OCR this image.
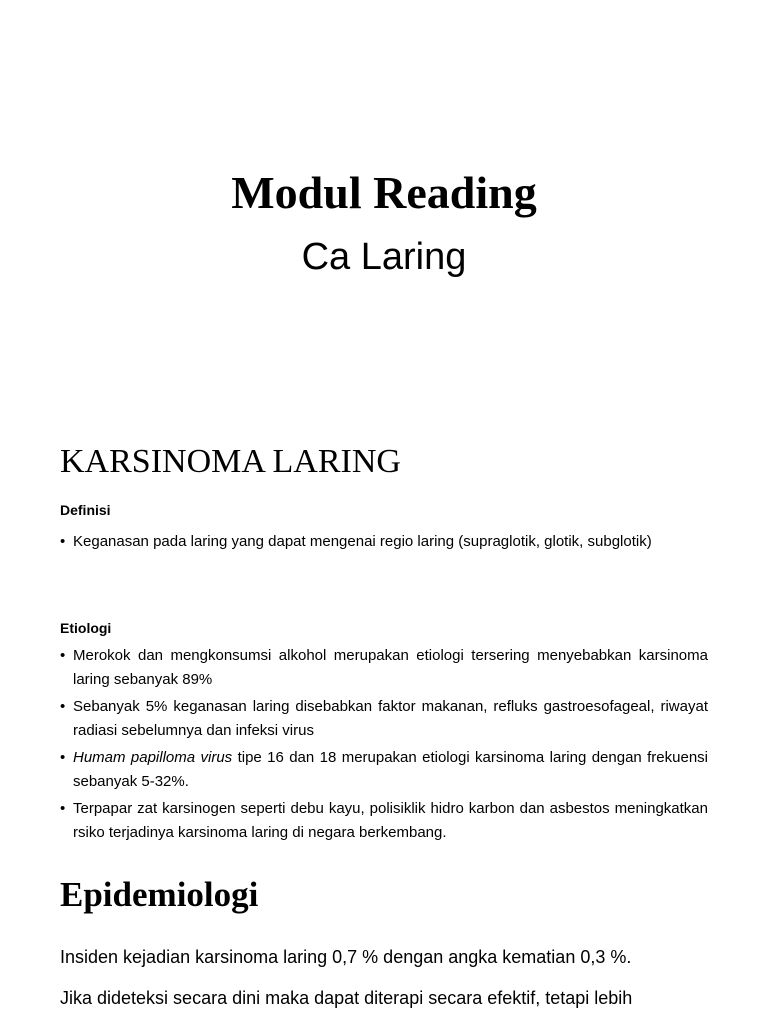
Modul Reading
Ca Laring
KARSINOMA LARING
Definisi
• Keganasan pada laring yang dapat mengenai regio laring (supraglotik, glotik, subglotik)
Etiologi
• Merokok dan mengkonsumsi alkohol merupakan etiologi tersering menyebabkan karsinoma laring sebanyak 89%
• Sebanyak 5% keganasan laring disebabkan faktor makanan, refluks gastroesofageal, riwayat radiasi sebelumnya dan infeksi virus
• Humam papilloma virus tipe 16 dan 18 merupakan etiologi karsinoma laring dengan frekuensi sebanyak 5-32%.
• Terpapar zat karsinogen seperti debu kayu, polisiklik hidro karbon dan asbestos meningkatkan rsiko terjadinya karsinoma laring di negara berkembang.
Epidemiologi

Insiden kejadian karsinoma laring 0,7 % dengan angka kematian 0,3 %.

Jika dideteksi secara dini maka dapat diterapi secara efektif, tetapi lebih
